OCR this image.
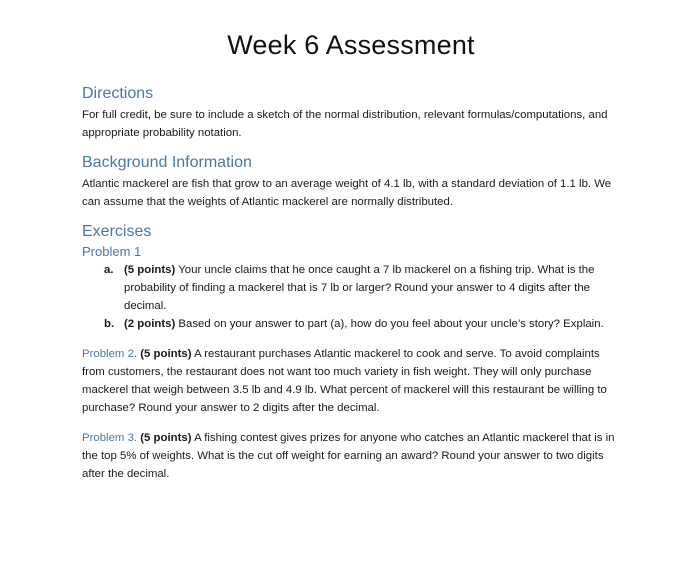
Week 6 Assessment
Directions

For full credit, be sure to include a sketch of the normal distribution, relevant formulas/computations, and appropriate probability notation.

Background Information

Atlantic mackerel are fish that grow to an average weight of 4.1 lb, with a standard deviation of 1.1 lb. We can assume that the weights of Atlantic mackerel are normally distributed.

Exercises
Problem 1
a. (5 points) Your uncle claims that he once caught a 7 lb mackerel on a fishing trip. What is the probability of finding a mackerel that is 7 lb or larger? Round your answer to 4 digits after the decimal.
b. (2 points) Based on your answer to part (a), how do you feel about your uncle’s story? Explain.

Problem 2. (5 points) A restaurant purchases Atlantic mackerel to cook and serve. To avoid complaints from customers, the restaurant does not want too much variety in fish weight. They will only purchase mackerel that weigh between 3.5 lb and 4.9 lb. What percent of mackerel will this restaurant be willing to purchase? Round your answer to 2 digits after the decimal.

Problem 3. (5 points) A fishing contest gives prizes for anyone who catches an Atlantic mackerel that is in the top 5% of weights. What is the cut off weight for earning an award? Round your answer to two digits after the decimal.
